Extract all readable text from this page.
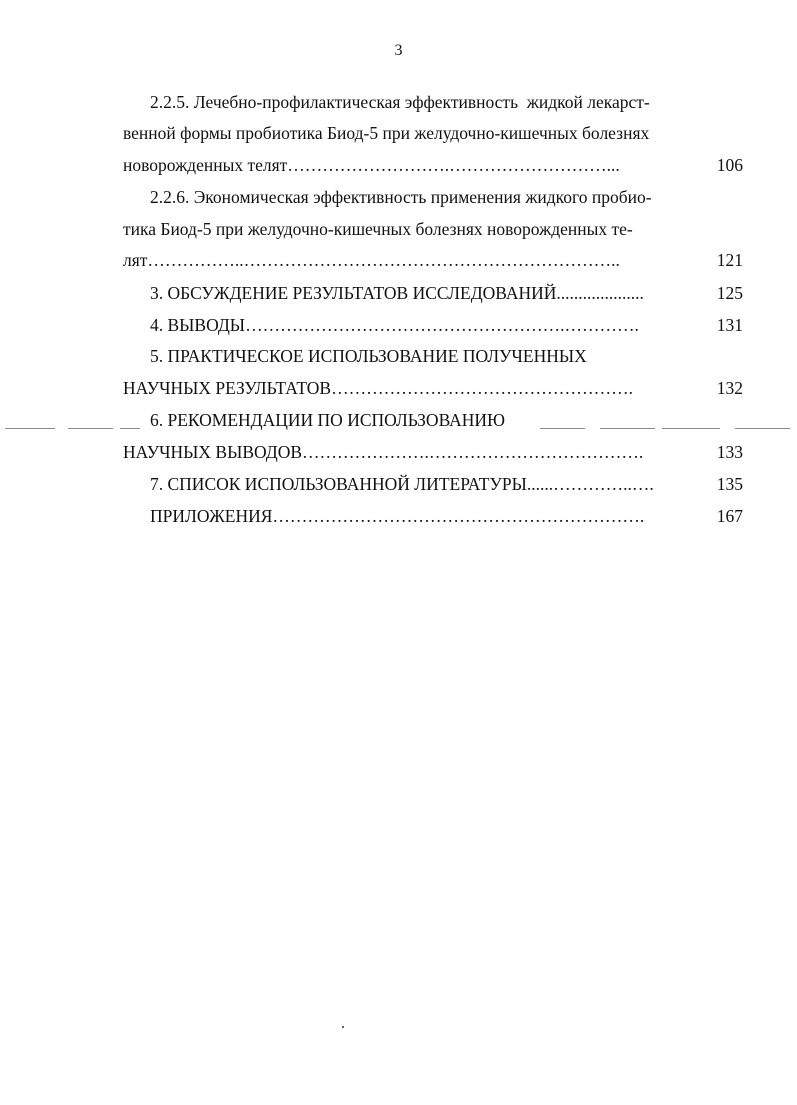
3
2.2.5. Лечебно-профилактическая эффективность  жидкой лекарст-
венной формы пробиотика Биод-5 при желудочно-кишечных болезнях
новорожденных телят……………………….………………………...	106
2.2.6. Экономическая эффективность применения жидкого пробио-
тика Биод-5 при желудочно-кишечных болезнях новорожденных те-
лят……………..………………………………………………………..	121
3. ОБСУЖДЕНИЕ РЕЗУЛЬТАТОВ ИССЛЕДОВАНИЙ....................	125
4. ВЫВОДЫ……………………………………………….………….	131
5. ПРАКТИЧЕСКОЕ ИСПОЛЬЗОВАНИЕ ПОЛУЧЕННЫХ
НАУЧНЫХ РЕЗУЛЬТАТОВ…………………………………………….	132
6. РЕКОМЕНДАЦИИ ПО ИСПОЛЬЗОВАНИЮ
НАУЧНЫХ ВЫВОДОВ………………….……………………………….	133
7. СПИСОК ИСПОЛЬЗОВАННОЙ ЛИТЕРАТУРЫ......…………..….	135
ПРИЛОЖЕНИЯ……………………………………………………….	167
